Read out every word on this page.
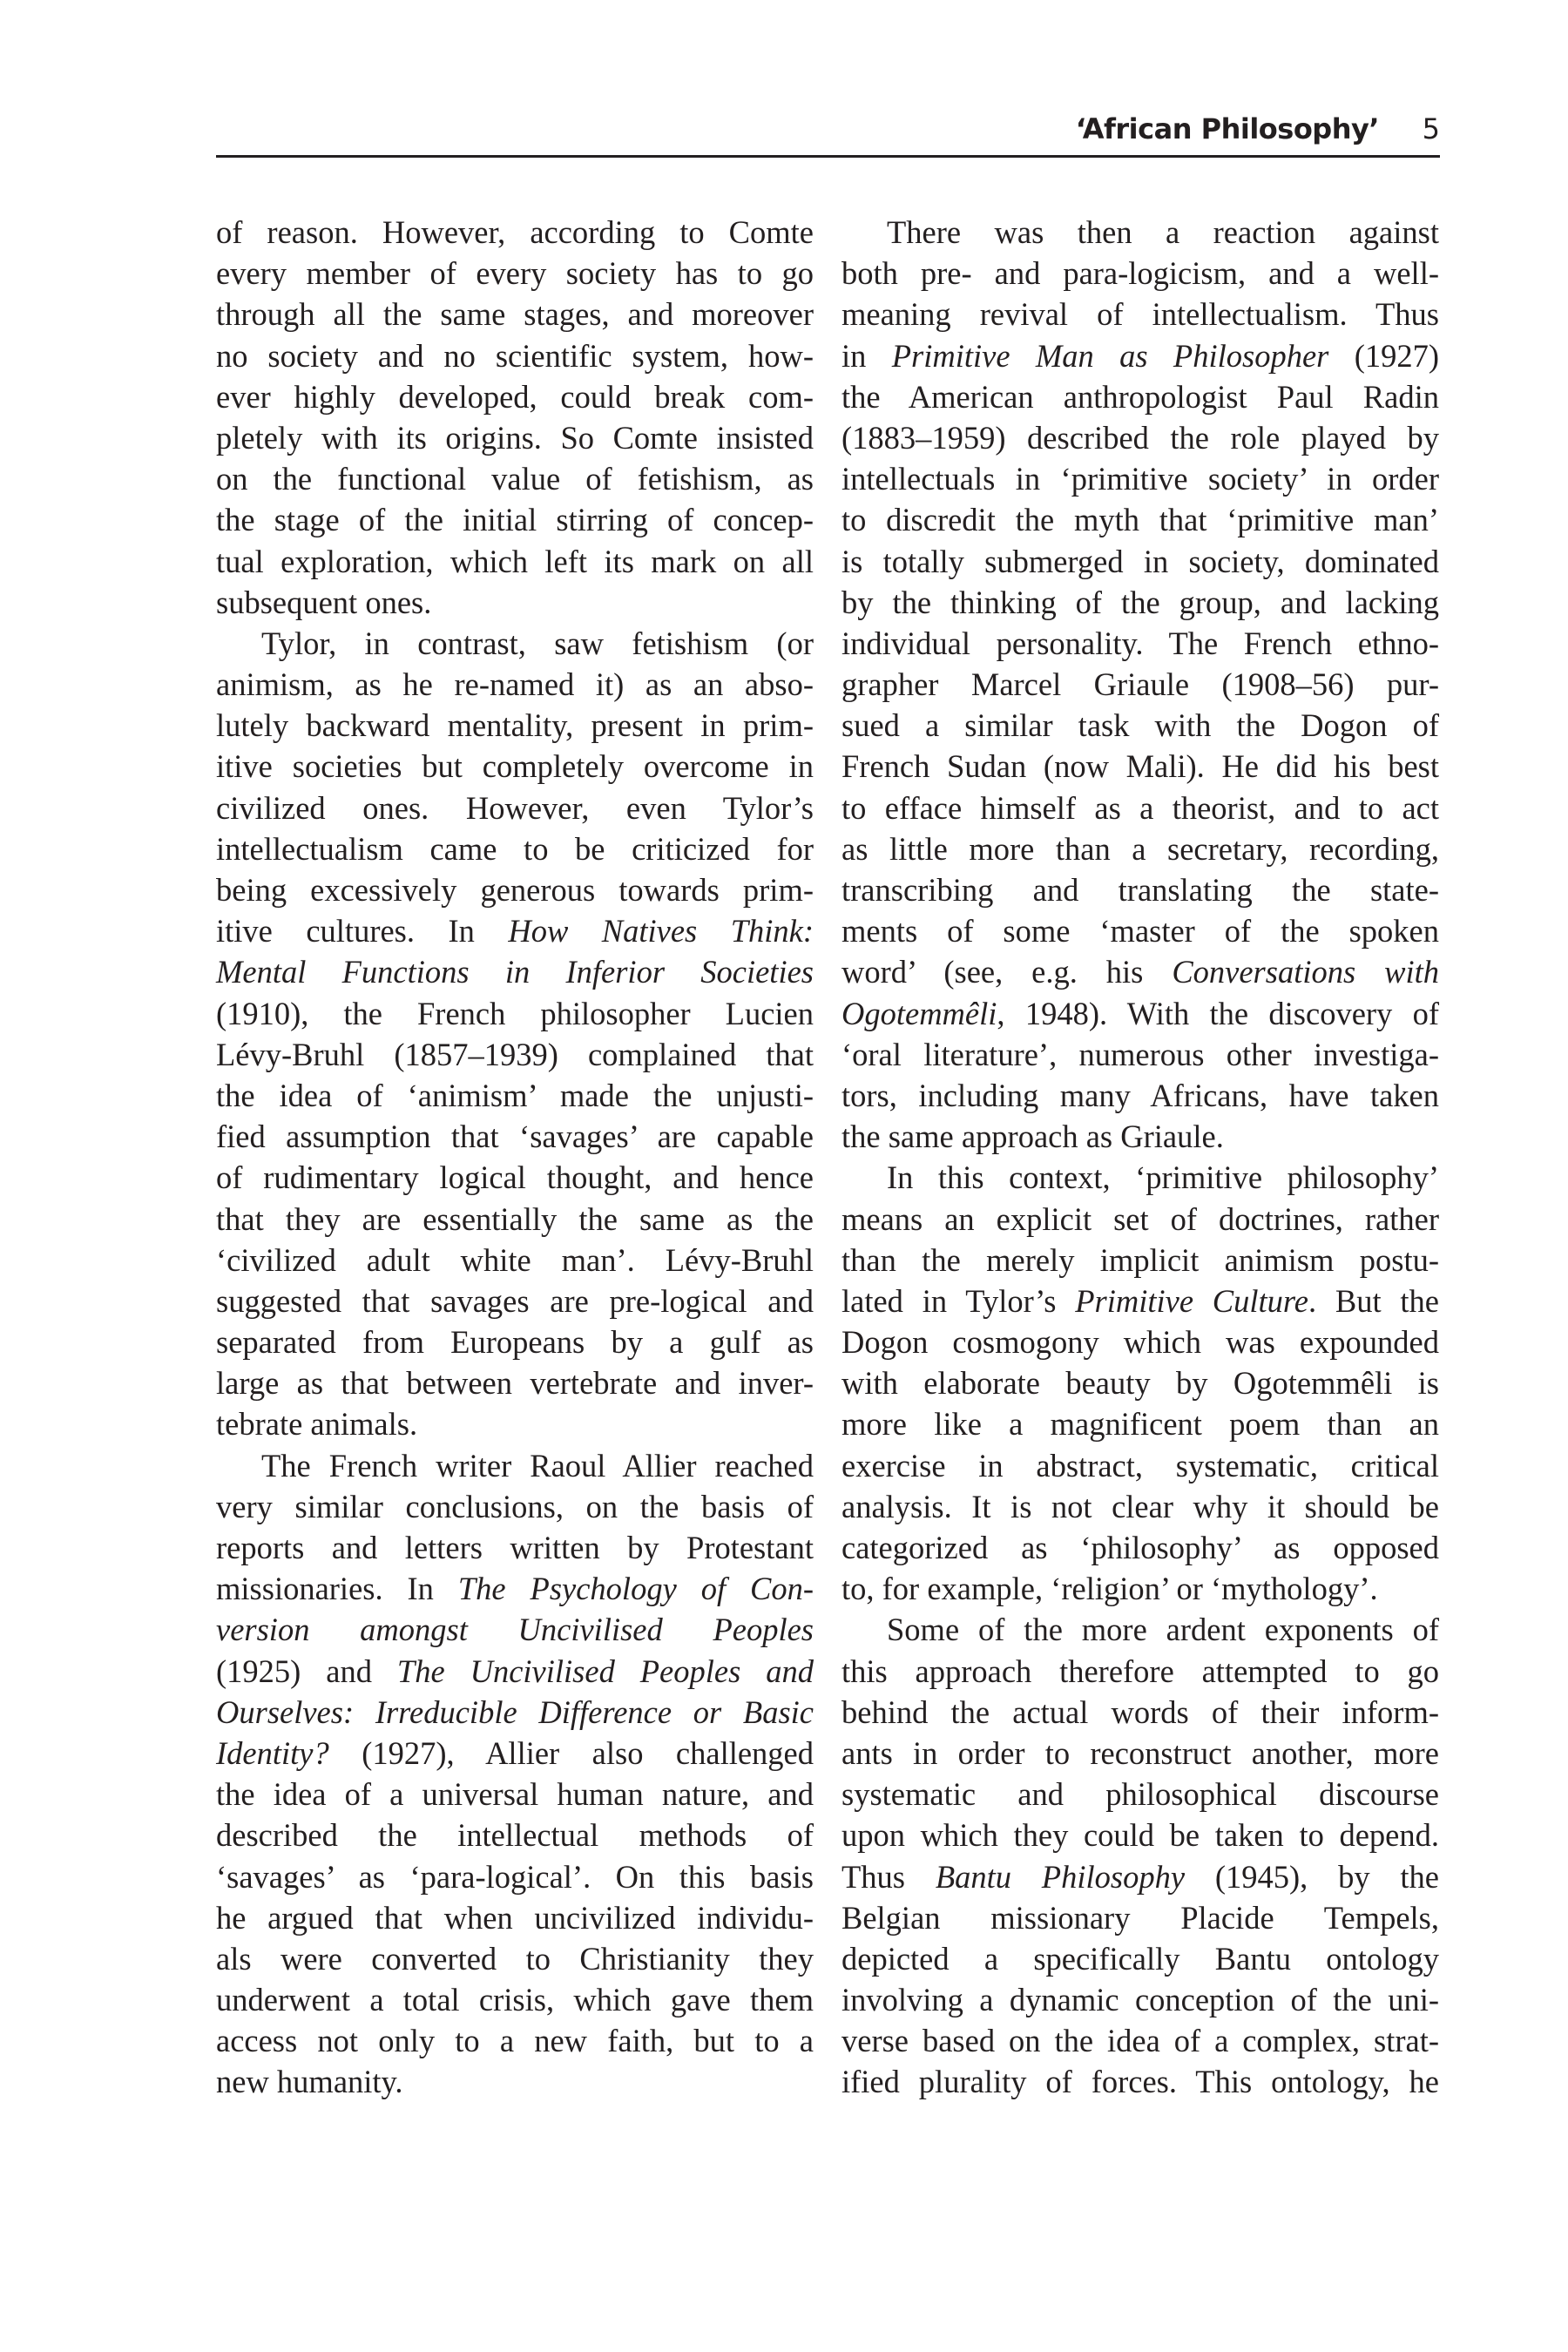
‘African Philosophy’ 5
of reason. However, according to Comte
every member of every society has to go
through all the same stages, and moreover
no society and no scientific system, how-
ever highly developed, could break com-
pletely with its origins. So Comte insisted
on the functional value of fetishism, as
the stage of the initial stirring of concep-
tual exploration, which left its mark on all
subsequent ones.
Tylor, in contrast, saw fetishism (or
animism, as he re-named it) as an abso-
lutely backward mentality, present in prim-
itive societies but completely overcome in
civilized ones. However, even Tylor’s
intellectualism came to be criticized for
being excessively generous towards prim-
itive cultures. In How Natives Think:
Mental Functions in Inferior Societies
(1910), the French philosopher Lucien
Lévy-Bruhl (1857–1939) complained that
the idea of ‘animism’ made the unjusti-
fied assumption that ‘savages’ are capable
of rudimentary logical thought, and hence
that they are essentially the same as the
‘civilized adult white man’. Lévy-Bruhl
suggested that savages are pre-logical and
separated from Europeans by a gulf as
large as that between vertebrate and inver-
tebrate animals.
The French writer Raoul Allier reached
very similar conclusions, on the basis of
reports and letters written by Protestant
missionaries. In The Psychology of Con-
version amongst Uncivilised Peoples
(1925) and The Uncivilised Peoples and
Ourselves: Irreducible Difference or Basic
Identity? (1927), Allier also challenged
the idea of a universal human nature, and
described the intellectual methods of
‘savages’ as ‘para-logical’. On this basis
he argued that when uncivilized individu-
als were converted to Christianity they
underwent a total crisis, which gave them
access not only to a new faith, but to a
new humanity.
There was then a reaction against
both pre- and para-logicism, and a well-
meaning revival of intellectualism. Thus
in Primitive Man as Philosopher (1927)
the American anthropologist Paul Radin
(1883–1959) described the role played by
intellectuals in ‘primitive society’ in order
to discredit the myth that ‘primitive man’
is totally submerged in society, dominated
by the thinking of the group, and lacking
individual personality. The French ethno-
grapher Marcel Griaule (1908–56) pur-
sued a similar task with the Dogon of
French Sudan (now Mali). He did his best
to efface himself as a theorist, and to act
as little more than a secretary, recording,
transcribing and translating the state-
ments of some ‘master of the spoken
word’ (see, e.g. his Conversations with
Ogotemmêli, 1948). With the discovery of
‘oral literature’, numerous other investiga-
tors, including many Africans, have taken
the same approach as Griaule.
In this context, ‘primitive philosophy’
means an explicit set of doctrines, rather
than the merely implicit animism postu-
lated in Tylor’s Primitive Culture. But the
Dogon cosmogony which was expounded
with elaborate beauty by Ogotemmêli is
more like a magnificent poem than an
exercise in abstract, systematic, critical
analysis. It is not clear why it should be
categorized as ‘philosophy’ as opposed
to, for example, ‘religion’ or ‘mythology’.
Some of the more ardent exponents of
this approach therefore attempted to go
behind the actual words of their inform-
ants in order to reconstruct another, more
systematic and philosophical discourse
upon which they could be taken to depend.
Thus Bantu Philosophy (1945), by the
Belgian missionary Placide Tempels,
depicted a specifically Bantu ontology
involving a dynamic conception of the uni-
verse based on the idea of a complex, strat-
ified plurality of forces. This ontology, he
